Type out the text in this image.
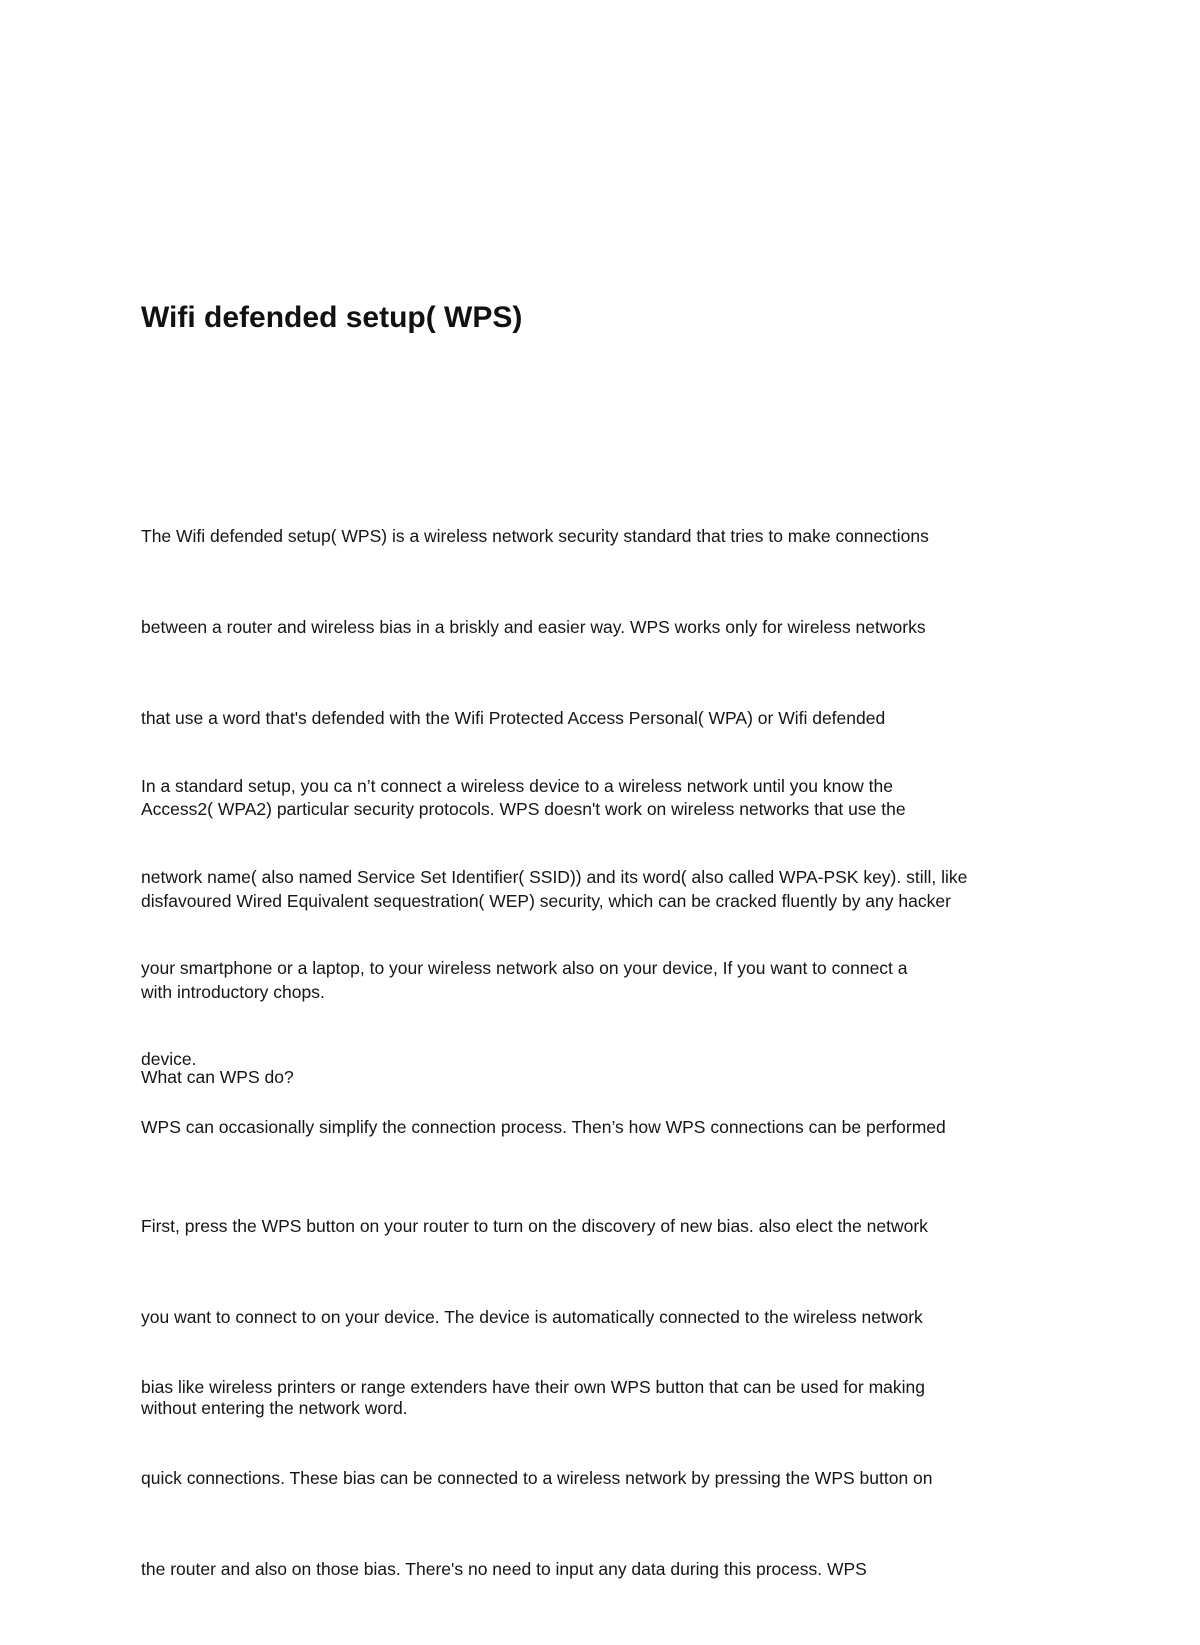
Wifi defended setup( WPS)

The Wifi defended setup( WPS) is a wireless network security standard that tries to make connections

between a router and wireless bias in a briskly and easier way. WPS works only for wireless networks

that use a word that's defended with the Wifi Protected Access Personal( WPA) or Wifi defended

Access2( WPA2) particular security protocols. WPS doesn't work on wireless networks that use the

disfavoured Wired Equivalent sequestration( WEP) security, which can be cracked fluently by any hacker

with introductory chops.

In a standard setup, you ca n’t connect a wireless device to a wireless network until you know the

network name( also named Service Set Identifier( SSID)) and its word( also called WPA-PSK key). still, like

your smartphone or a laptop, to your wireless network also on your device, If you want to connect a

device.

What can WPS do?

WPS can occasionally simplify the connection process. Then’s how WPS connections can be performed

First, press the WPS button on your router to turn on the discovery of new bias. also elect the network

you want to connect to on your device. The device is automatically connected to the wireless network

without entering the network word.

bias like wireless printers or range extenders have their own WPS button that can be used for making

quick connections. These bias can be connected to a wireless network by pressing the WPS button on

the router and also on those bias. There's no need to input any data during this process. WPS
